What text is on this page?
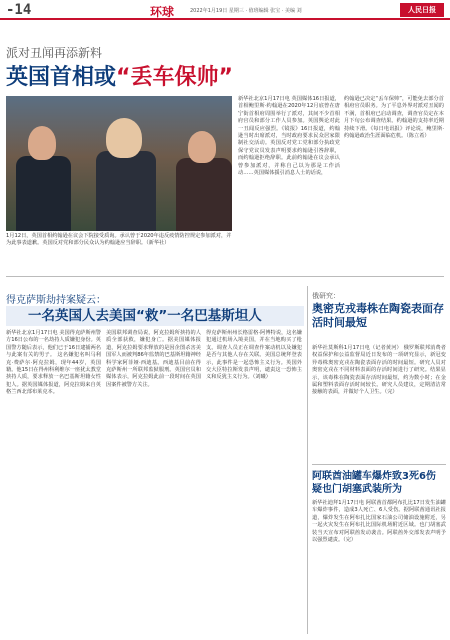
-14	环球	2022年1月19日 星期三 · 值班编辑 张宝 · 美编 刘	人民日报
派对丑闻再添新料
英国首相或“丢车保帅”
1月12日，英国首相约翰逊在议会下院接受质询。承认曾于2020年违反疫情防控规定参加派对，并为此事表道歉。英国反对党和部分民众认为约翰逊应当辞职。（新华社）
新华社北京1月17日电 英国媒体16日报道，首相鲍里斯·约翰逊在2020年12月底曾在唐宁街首相府周围举行了派对，其间不少首相府官员和部分工作人员参加。英国舆论对此一丑闻反应强烈。《镜报》16日报道，约翰逊当时出席派对，当时政府要求民众居家限制社交活动。英国反对党工党和部分执政党保守党议员发表声明要求约翰逊引咎辞职，而约翰逊拒绝辞职。此前约翰逊在议会承认曾参加派对，并称自己以为那是工作活动……英国媒体援引消息人士的话说，
约翰逊已决定“丢车保帅”，可能免去部分首相府官员职务。为了平息外界对派对丑闻的不满，首相府已启动调查，调查官员定在本月下旬公布调查结果。约翰逊的支持率近期持续下滑。《每日电讯报》评论说，鲍里斯·约翰逊政治生涯面临危机。（陈立希）
得克萨斯劫持案疑云：
一名英国人去美国“救”一名巴基斯坦人
新华社北京1月17日电 美国得克萨斯州警方16日公布的一名劫持人质嫌犯身份。英国警方随后表示，他们已于16日逮捕两名与此案有关的男子。 这名嫌犯名叫马利克·费萨尔·阿克拉姆，现年44岁，英国籍。他15日在得州科利维尔一座犹太教堂挟持人质，要求释放一名巴基斯坦籍女性犯人。据英国媒体报道，阿克拉姆来自英格兰西北部布莱克本。
美国联邦调查局说，阿克拉姆所挟持的人质全部获救，嫌犯身亡。据美国媒体报道，阿克拉姆要求释放的是因企图杀害美国军人而被判86年监禁的巴基斯坦籍神经科学家阿菲娅·西迪基。西迪基目前在得克萨斯州一所联邦监狱服刑。英国官员和媒体表示，阿克拉姆此前一段时间在英国因案件被警方关注。
得克萨斯州州长格雷格·阿博特说，这名嫌犯通过机场入境美国，并在当地购买了枪支。调查人员正在调查作案动机以及嫌犯是否与其他人存在关联。美国总统拜登表示，此事件是一起恐怖主义行为。英国外交大臣特拉斯发表声明，谴责这一恐怖主义和反犹主义行为。（刘曦）
俄研究：
奥密克戎毒株在陶瓷表面存活时间最短
新华社莫斯科1月17日电（记者黄河） 俄罗斯联邦消费者权益保护和公益监督局近日发布的一项研究显示，新冠变异毒株奥密克戎在陶瓷表面存活的时间最短。研究人员对奥密克戎在不同材料表面的存活时间进行了研究。结果显示，该毒株在陶瓷表面存活时间最短，约为数小时；在金属和塑料表面存活时间较长。研究人员建议，定期清洁常接触的表面，并做好个人卫生。（完）
阿联酋油罐车爆炸致3死6伤 疑也门胡塞武装所为
新华社迪拜1月17日电 阿联酋首都阿布扎比17日发生油罐车爆炸事件，造成3人死亡、6人受伤。据阿联酋通讯社报道，爆炸发生在阿布扎比国家石油公司储油设施附近，另一起火灾发生在阿布扎比国际机场附近区域。也门胡塞武装当天宣布对阿联酋发动袭击。阿联酋外交部发表声明予以强烈谴责。（完）
